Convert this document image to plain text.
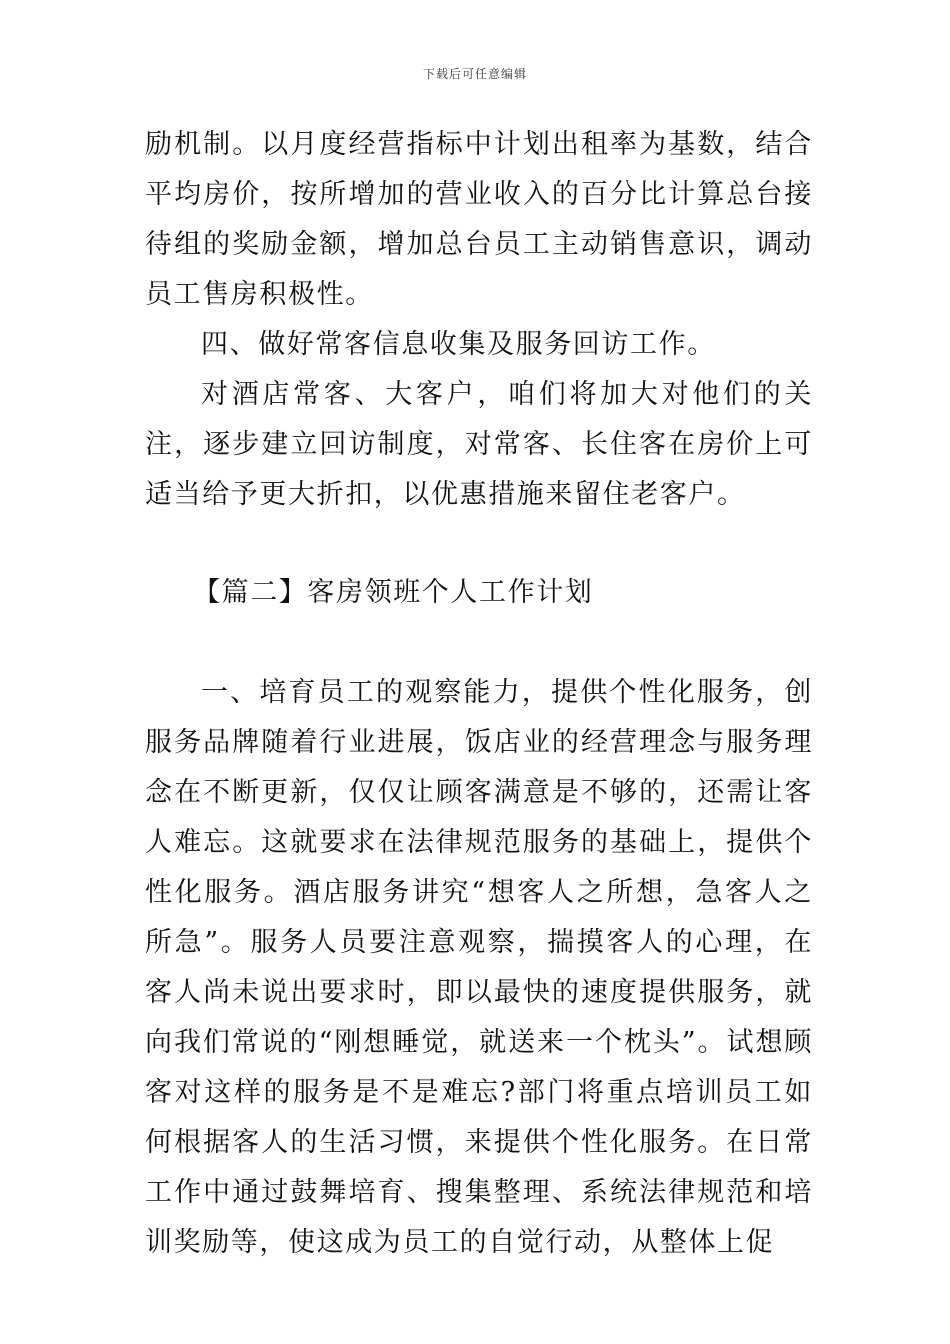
下载后可任意编辑

励机制。以月度经营指标中计划出租率为基数，结合平均房价，按所增加的营业收入的百分比计算总台接待组的奖励金额，增加总台员工主动销售意识，调动员工售房积极性。

四、做好常客信息收集及服务回访工作。

对酒店常客、大客户，咱们将加大对他们的关注，逐步建立回访制度，对常客、长住客在房价上可适当给予更大折扣，以优惠措施来留住老客户。

【篇二】客房领班个人工作计划

一、培育员工的观察能力，提供个性化服务，创服务品牌随着行业进展，饭店业的经营理念与服务理念在不断更新，仅仅让顾客满意是不够的，还需让客人难忘。这就要求在法律规范服务的基础上，提供个性化服务。酒店服务讲究“想客人之所想，急客人之所急”。服务人员要注意观察，揣摸客人的心理，在客人尚未说出要求时，即以最快的速度提供服务，就向我们常说的“刚想睡觉，就送来一个枕头”。试想顾客对这样的服务是不是难忘?部门将重点培训员工如何根据客人的生活习惯，来提供个性化服务。在日常工作中通过鼓舞培育、搜集整理、系统法律规范和培训奖励等，使这成为员工的自觉行动，从整体上促
